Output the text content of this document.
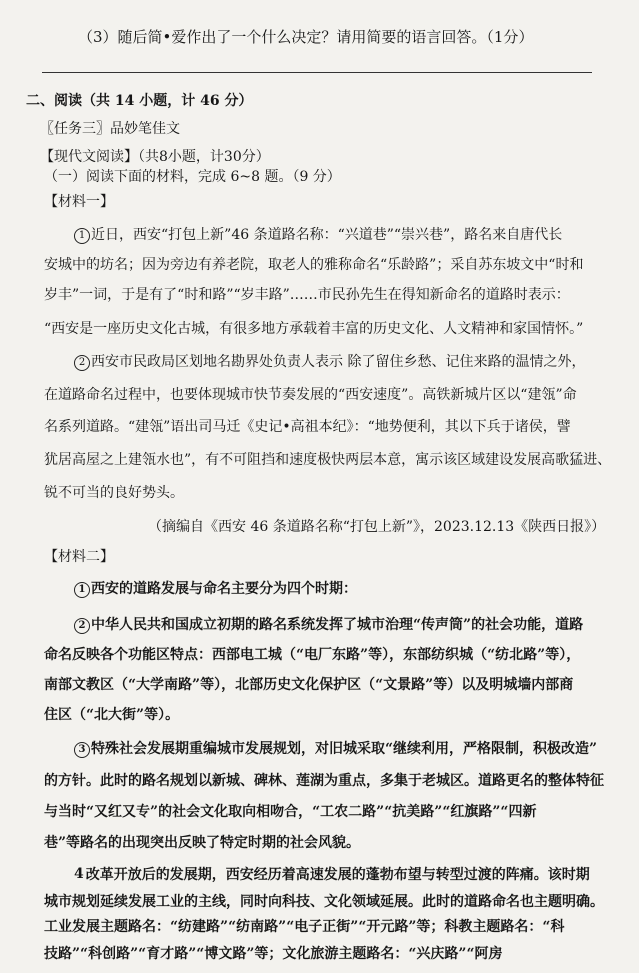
（3）随后简•爱作出了一个什么决定？请用简要的语言回答。（1分）
二、阅读（共 14 小题，计 46 分）
〖任务三〗品妙笔佳文
【现代文阅读】（共8小题，计30分）
（一）阅读下面的材料，完成 6~8 题。（9 分）
【材料一】
1 近日，西安“打包上新”46 条道路名称：“兴道巷”“崇兴巷”，路名来自唐代长
安城中的坊名；因为旁边有养老院，取老人的雅称命名“乐龄路”；采自苏东坡文中“时和
岁丰”一词，于是有了“时和路”“岁丰路”……市民孙先生在得知新命名的道路时表示：
“西安是一座历史文化古城，有很多地方承载着丰富的历史文化、人文精神和家国情怀。”
2 西安市民政局区划地名勘界处负责人表示 除了留住乡愁、记住来路的温情之外，
在道路命名过程中，也要体现城市快节奏发展的“西安速度”。高铁新城片区以“建瓴”命
名系列道路。“建瓴”语出司马迁《史记•高祖本纪》：“地势便利，其以下兵于诸侯，譬
犹居高屋之上建瓴水也”，有不可阻挡和速度极快两层本意，寓示该区域建设发展高歌猛进、
锐不可当的良好势头。
（摘编自《西安 46 条道路名称“打包上新”》，2023.12.13《陕西日报》）
【材料二】
1 西安的道路发展与命名主要分为四个时期：
2 中华人民共和国成立初期的路名系统发挥了城市治理“传声筒”的社会功能，道路
命名反映各个功能区特点：西部电工城（“电厂东路”等），东部纺织城（“纺北路”等），
南部文教区（“大学南路”等），北部历史文化保护区（“文景路”等）以及明城墙内部商
住区（“北大街”等）。
3 特殊社会发展期重编城市发展规划，对旧城采取“继续利用，严格限制，积极改造”
的方针。此时的路名规划以新城、碑林、莲湖为重点，多集于老城区。道路更名的整体特征
与当时“又红又专”的社会文化取向相吻合，“工农二路”“抗美路”“红旗路”“四新
巷”等路名的出现突出反映了特定时期的社会风貌。
4 改革开放后的发展期，西安经历着高速发展的蓬勃布望与转型过渡的阵痛。该时期
城市规划延续发展工业的主线，同时向科技、文化领域延展。此时的道路命名也主题明确。
工业发展主题路名：“纺建路”“纺南路”“电子正街”“开元路”等；科教主题路名：“科
技路”“科创路”“育才路”“博文路”等；文化旅游主题路名：“兴庆路”“阿房
